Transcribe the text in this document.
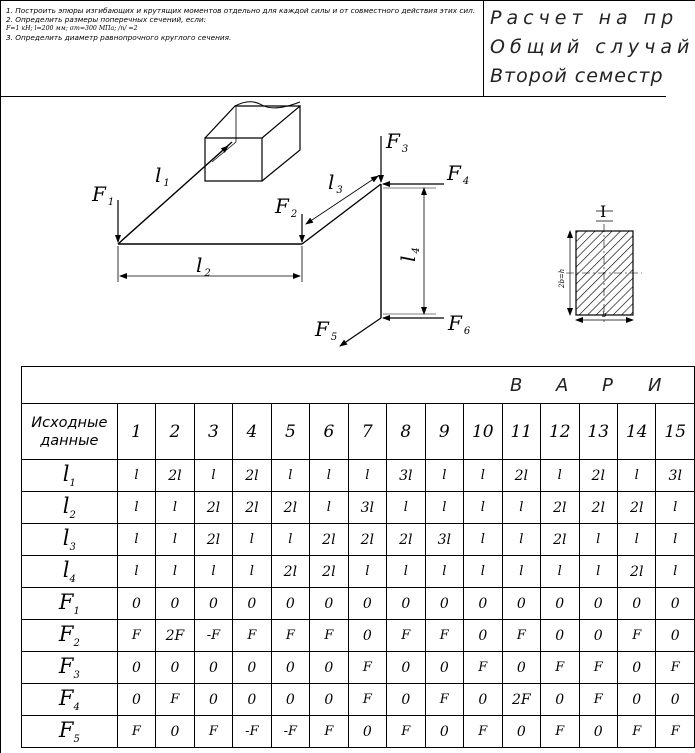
1. Построить эпюры изгибающих и крутящих моментов отдельно для каждой силы и от совместного действия этих сил.
2. Определить размеры поперечных сечений, если:
F=1 кН; l=200 мм; σт=300 МПа; /n/ =2
3. Определить диаметр равнопрочного круглого сечения.
Расчет на пр
Общий случай
Второй семестр
F $_1$	F $_2$
F $_3$
F $_4$
F $_5$
F $_6$
l $_1$
l $_2$
l $_3$
$l_4$
I
2b=h
b
В А Р И															

Исходные
данные	1	2	3	4	5	6	7	8	9	10	11	12	13	14	15
$l_1$	l	2l	l	2l	l	l	l	3l	l	l	2l	l	2l	l	3l
$l_2$	l	l	2l	2l	2l	l	3l	l	l	l	l	2l	2l	2l	l
$l_3$	l	l	2l	l	l	2l	2l	2l	3l	l	l	2l	l	l	l
$l_4$	l	l	l	l	2l	2l	l	l	l	l	l	l	l	2l	l
$F_1$	0	0	0	0	0	0	0	0	0	0	0	0	0	0	0
$F_2$	F	2F	-F	F	F	F	0	F	F	0	F	0	0	F	0
$F_3$	0	0	0	0	0	0	F	0	0	F	0	F	F	0	F
$F_4$	0	F	0	0	0	0	F	0	F	0	2F	0	F	0	0
$F_5$	F	0	F	-F	-F	F	0	F	0	F	0	F	0	F	F
